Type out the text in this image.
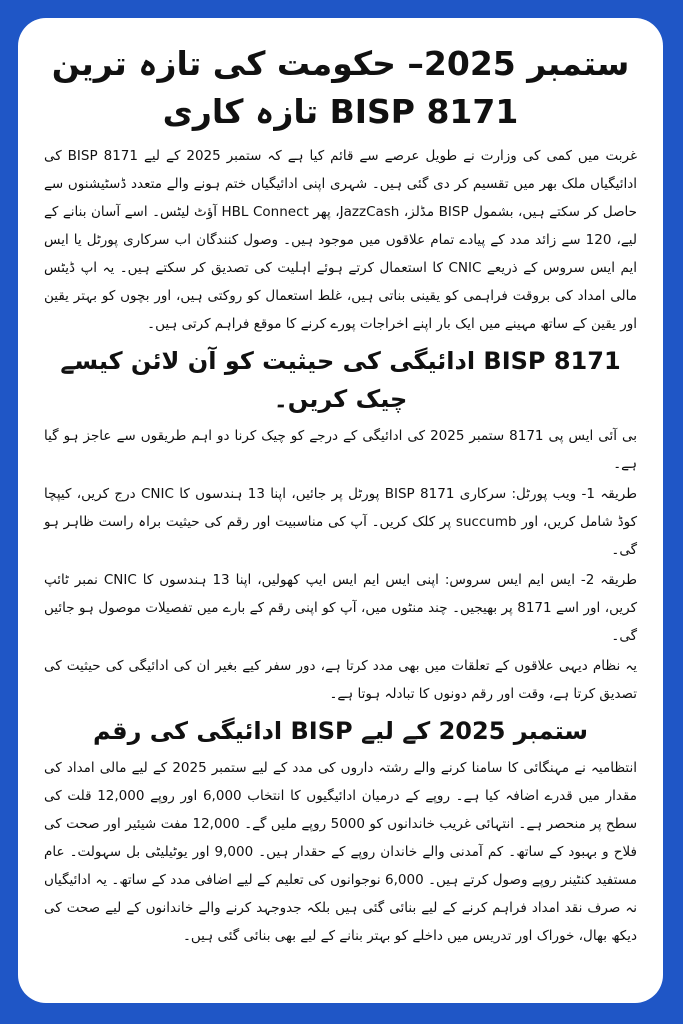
ستمبر 2025– حکومت کی تازہ ترین BISP 8171 تازہ کاری

غربت میں کمی کی وزارت نے طویل عرصے سے قائم کیا ہے کہ ستمبر 2025 کے لیے BISP 8171 کی ادائیگیاں ملک بھر میں تقسیم کر دی گئی ہیں۔ شہری اپنی ادائیگیاں ختم ہونے والے متعدد ڈسٹیشنوں سے حاصل کر سکتے ہیں، بشمول BISP مڈلز، JazzCash، پھر HBL Connect آؤٹ لیٹس۔ اسے آسان بنانے کے لیے، 120 سے زائد مدد کے پیادے تمام علاقوں میں موجود ہیں۔ وصول کنندگان اب سرکاری پورٹل یا ایس ایم ایس سروس کے ذریعے CNIC کا استعمال کرتے ہوئے اہلیت کی تصدیق کر سکتے ہیں۔ یہ اپ ڈیٹس مالی امداد کی بروقت فراہمی کو یقینی بناتی ہیں، غلط استعمال کو روکتی ہیں، اور بچوں کو بہتر یقین اور یقین کے ساتھ مہینے میں ایک بار اپنے اخراجات پورے کرنے کا موقع فراہم کرتی ہیں۔

BISP 8171 ادائیگی کی حیثیت کو آن لائن کیسے چیک کریں۔

بی آئی ایس پی 8171 ستمبر 2025 کی ادائیگی کے درجے کو چیک کرنا دو اہم طریقوں سے عاجز ہو گیا ہے۔

طریقہ 1- ویب پورٹل: سرکاری BISP 8171 پورٹل پر جائیں، اپنا 13 ہندسوں کا CNIC درج کریں، کیپچا کوڈ شامل کریں، اور succumb پر کلک کریں۔ آپ کی مناسبیت اور رقم کی حیثیت براہ راست ظاہر ہو گی۔

طریقہ 2- ایس ایم ایس سروس: اپنی ایس ایم ایس ایپ کھولیں، اپنا 13 ہندسوں کا CNIC نمبر ٹائپ کریں، اور اسے 8171 پر بھیجیں۔ چند منٹوں میں، آپ کو اپنی رقم کے بارے میں تفصیلات موصول ہو جائیں گی۔

یہ نظام دیہی علاقوں کے تعلقات میں بھی مدد کرتا ہے، دور سفر کیے بغیر ان کی ادائیگی کی حیثیت کی تصدیق کرتا ہے، وقت اور رقم دونوں کا تبادلہ ہوتا ہے۔

ستمبر 2025 کے لیے BISP ادائیگی کی رقم

انتظامیہ نے مہنگائی کا سامنا کرنے والے رشتہ داروں کی مدد کے لیے ستمبر 2025 کے لیے مالی امداد کی مقدار میں قدرے اضافہ کیا ہے۔ روپے کے درمیان ادائیگیوں کا انتخاب 6,000 اور روپے 12,000 قلت کی سطح پر منحصر ہے۔ انتہائی غریب خاندانوں کو 5000 روپے ملیں گے۔ 12,000 مفت شیئیر اور صحت کی فلاح و بہبود کے ساتھ۔ کم آمدنی والے خاندان روپے کے حقدار ہیں۔ 9,000 اور یوٹیلیٹی بل سہولت۔ عام مستفید کنٹینر روپے وصول کرتے ہیں۔ 6,000 نوجوانوں کی تعلیم کے لیے اضافی مدد کے ساتھ۔ یہ ادائیگیاں نہ صرف نقد امداد فراہم کرنے کے لیے بنائی گئی ہیں بلکہ جدوجہد کرنے والے خاندانوں کے لیے صحت کی دیکھ بھال، خوراک اور تدریس میں داخلے کو بہتر بنانے کے لیے بھی بنائی گئی ہیں۔
